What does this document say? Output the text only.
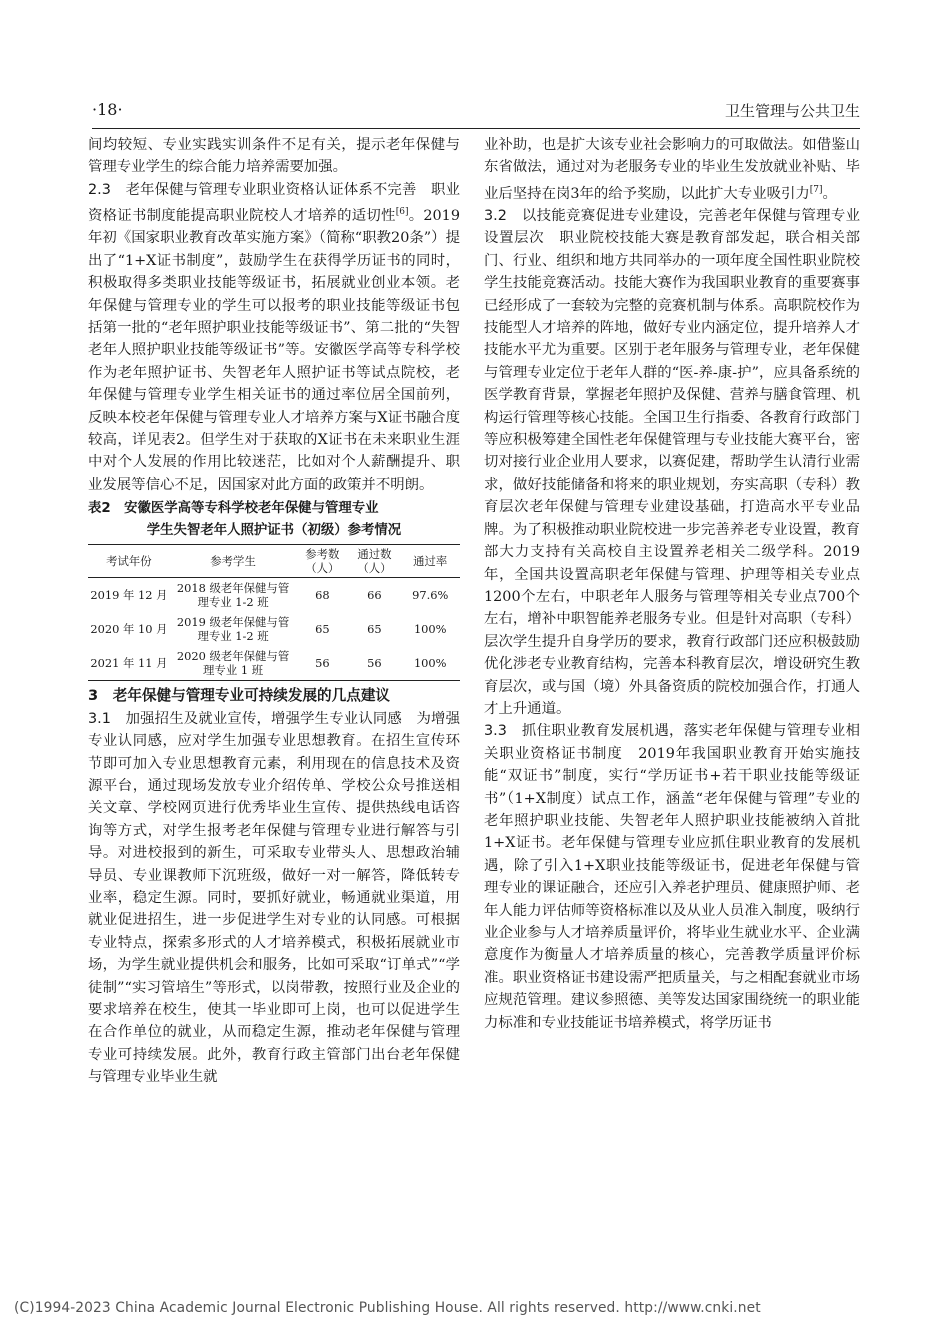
·18·	卫生管理与公共卫生

间均较短、专业实践实训条件不足有关，提示老年保健与管理专业学生的综合能力培养需要加强。

2.3　老年保健与管理专业职业资格认证体系不完善　职业资格证书制度能提高职业院校人才培养的适切性[6]。2019年初《国家职业教育改革实施方案》（简称“职教20条”）提出了“1+X证书制度”，鼓励学生在获得学历证书的同时，积极取得多类职业技能等级证书，拓展就业创业本领。老年保健与管理专业的学生可以报考的职业技能等级证书包括第一批的“老年照护职业技能等级证书”、第二批的“失智老年人照护职业技能等级证书”等。安徽医学高等专科学校作为老年照护证书、失智老年人照护证书等试点院校，老年保健与管理专业学生相关证书的通过率位居全国前列，反映本校老年保健与管理专业人才培养方案与X证书融合度较高，详见表2。但学生对于获取的X证书在未来职业生涯中对个人发展的作用比较迷茫，比如对个人薪酬提升、职业发展等信心不足，因国家对此方面的政策并不明朗。

表2　安徽医学高等专科学校老年保健与管理专业
学生失智老年人照护证书（初级）参考情况
考试年份	参考学生	参考数（人）	通过数（人）	通过率
2019 年 12 月	2018 级老年保健与管理专业 1-2 班	68	66	97.6%
2020 年 10 月	2019 级老年保健与管理专业 1-2 班	65	65	100%
2021 年 11 月	2020 级老年保健与管理专业 1 班	56	56	100%

3　老年保健与管理专业可持续发展的几点建议

3.1　加强招生及就业宣传，增强学生专业认同感　为增强专业认同感，应对学生加强专业思想教育。在招生宣传环节即可加入专业思想教育元素，利用现在的信息技术及资源平台，通过现场发放专业介绍传单、学校公众号推送相关文章、学校网页进行优秀毕业生宣传、提供热线电话咨询等方式，对学生报考老年保健与管理专业进行解答与引导。对进校报到的新生，可采取专业带头人、思想政治辅导员、专业课教师下沉班级，做好一对一解答，降低转专业率，稳定生源。同时，要抓好就业，畅通就业渠道，用就业促进招生，进一步促进学生对专业的认同感。可根据专业特点，探索多形式的人才培养模式，积极拓展就业市场，为学生就业提供机会和服务，比如可采取“订单式”“学徒制”“实习管培生”等形式，以岗带教，按照行业及企业的要求培养在校生，使其一毕业即可上岗，也可以促进学生在合作单位的就业，从而稳定生源，推动老年保健与管理专业可持续发展。此外，教育行政主管部门出台老年保健与管理专业毕业生就

业补助，也是扩大该专业社会影响力的可取做法。如借鉴山东省做法，通过对为老服务专业的毕业生发放就业补贴、毕业后坚持在岗3年的给予奖励，以此扩大专业吸引力[7]。

3.2　以技能竞赛促进专业建设，完善老年保健与管理专业设置层次　职业院校技能大赛是教育部发起，联合相关部门、行业、组织和地方共同举办的一项年度全国性职业院校学生技能竞赛活动。技能大赛作为我国职业教育的重要赛事已经形成了一套较为完整的竞赛机制与体系。高职院校作为技能型人才培养的阵地，做好专业内涵定位，提升培养人才技能水平尤为重要。区别于老年服务与管理专业，老年保健与管理专业定位于老年人群的“医-养-康-护”，应具备系统的医学教育背景，掌握老年照护及保健、营养与膳食管理、机构运行管理等核心技能。全国卫生行指委、各教育行政部门等应积极筹建全国性老年保健管理与专业技能大赛平台，密切对接行业企业用人要求，以赛促建，帮助学生认清行业需求，做好技能储备和将来的职业规划，夯实高职（专科）教育层次老年保健与管理专业建设基础，打造高水平专业品牌。为了积极推动职业院校进一步完善养老专业设置，教育部大力支持有关高校自主设置养老相关二级学科。2019年，全国共设置高职老年保健与管理、护理等相关专业点1200个左右，中职老年人服务与管理等相关专业点700个左右，增补中职智能养老服务专业。但是针对高职（专科）层次学生提升自身学历的要求，教育行政部门还应积极鼓励优化涉老专业教育结构，完善本科教育层次，增设研究生教育层次，或与国（境）外具备资质的院校加强合作，打通人才上升通道。

3.3　抓住职业教育发展机遇，落实老年保健与管理专业相关职业资格证书制度　2019年我国职业教育开始实施技能“双证书”制度，实行“学历证书+若干职业技能等级证书”（1+X制度）试点工作，涵盖“老年保健与管理”专业的老年照护职业技能、失智老年人照护职业技能被纳入首批1+X证书。老年保健与管理专业应抓住职业教育的发展机遇，除了引入1+X职业技能等级证书，促进老年保健与管理专业的课证融合，还应引入养老护理员、健康照护师、老年人能力评估师等资格标准以及从业人员准入制度，吸纳行业企业参与人才培养质量评价，将毕业生就业水平、企业满意度作为衡量人才培养质量的核心，完善教学质量评价标准。职业资格证书建设需严把质量关，与之相配套就业市场应规范管理。建议参照德、美等发达国家围绕统一的职业能力标准和专业技能证书培养模式，将学历证书

(C)1994-2023 China Academic Journal Electronic Publishing House. All rights reserved. http://www.cnki.net
